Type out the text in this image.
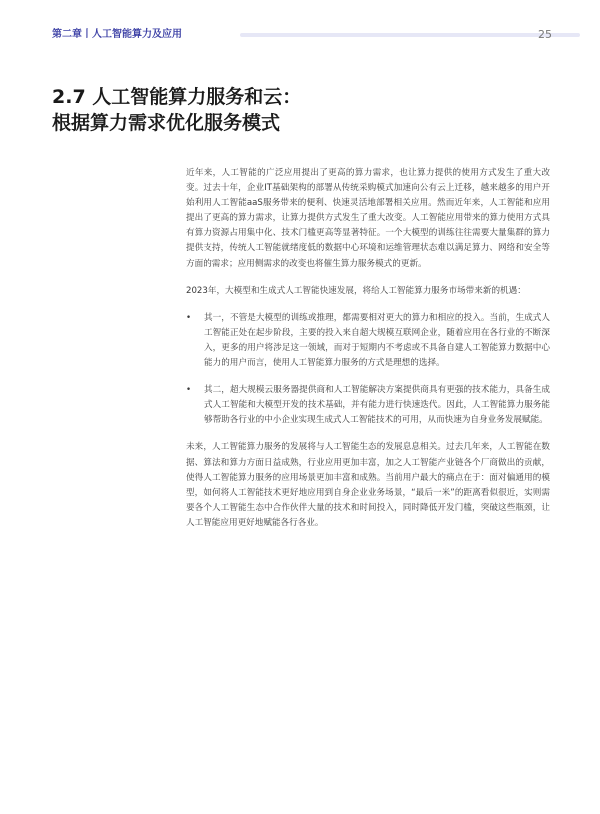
第二章丨人工智能算力及应用	25
2.7 人工智能算力服务和云：
根据算力需求优化服务模式

近年来，人工智能的广泛应用提出了更高的算力需求，也让算力提供的使用方式发生了重大改变。过去十年，企业IT基础架构的部署从传统采购模式加速向公有云上迁移，越来越多的用户开始利用人工智能aaS服务带来的便利、快速灵活地部署相关应用。然而近年来，人工智能和应用提出了更高的算力需求，让算力提供方式发生了重大改变。人工智能应用带来的算力使用方式具有算力资源占用集中化、技术门槛更高等显著特征。一个大模型的训练往往需要大量集群的算力提供支持，传统人工智能就绪度低的数据中心环境和运维管理状态难以满足算力、网络和安全等方面的需求；应用侧需求的改变也将催生算力服务模式的更新。

2023年，大模型和生成式人工智能快速发展，将给人工智能算力服务市场带来新的机遇：

• 其一，不管是大模型的训练或推理，都需要相对更大的算力和相应的投入。当前，生成式人工智能正处在起步阶段，主要的投入来自超大规模互联网企业，随着应用在各行业的不断深入，更多的用户将涉足这一领域，而对于短期内不考虑或不具备自建人工智能算力数据中心能力的用户而言，使用人工智能算力服务的方式是理想的选择。
• 其二，超大规模云服务器提供商和人工智能解决方案提供商具有更强的技术能力，具备生成式人工智能和大模型开发的技术基础，并有能力进行快速迭代。因此，人工智能算力服务能够帮助各行业的中小企业实现生成式人工智能技术的可用，从而快速为自身业务发展赋能。

未来，人工智能算力服务的发展将与人工智能生态的发展息息相关。过去几年来，人工智能在数据、算法和算力方面日益成熟，行业应用更加丰富，加之人工智能产业链各个厂商做出的贡献，使得人工智能算力服务的应用场景更加丰富和成熟。当前用户最大的痛点在于：面对偏通用的模型，如何将人工智能技术更好地应用到自身企业业务场景，“最后一米”的距离看似很近，实则需要各个人工智能生态中合作伙伴大量的技术和时间投入，同时降低开发门槛，突破这些瓶颈，让人工智能应用更好地赋能各行各业。
